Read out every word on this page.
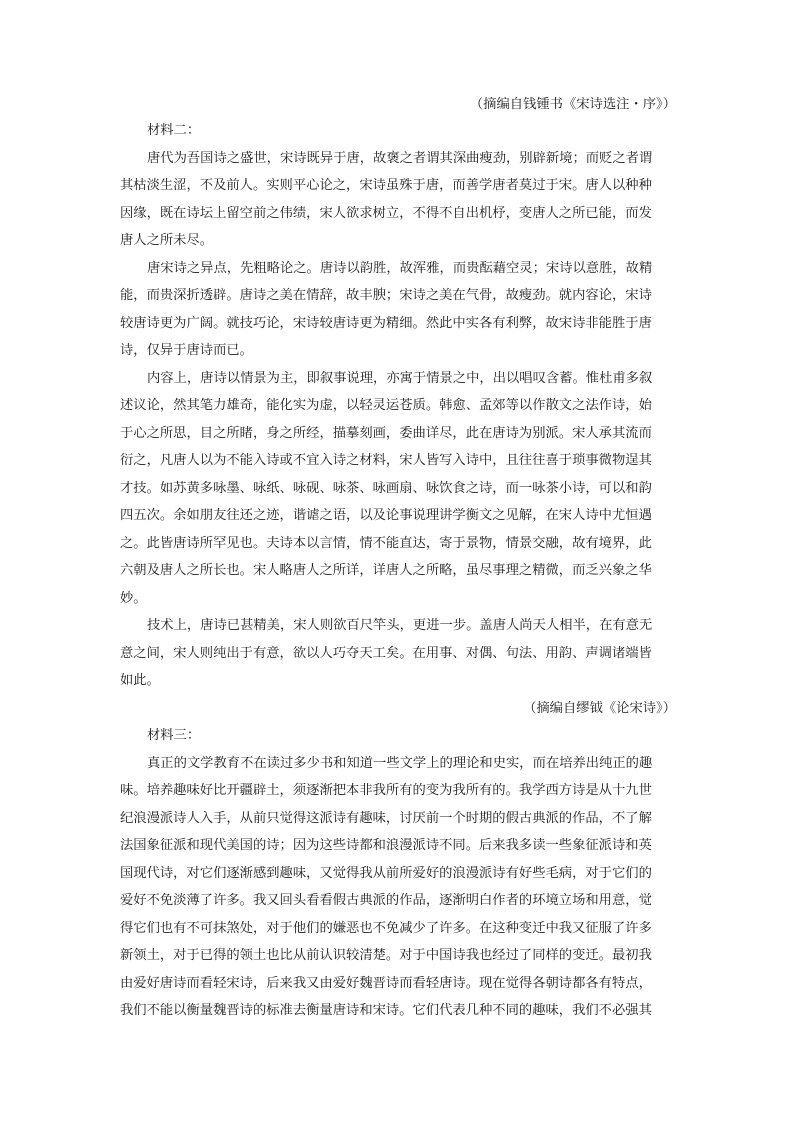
（摘编自钱锺书《宋诗选注・序》）
材料二：
唐代为吾国诗之盛世，宋诗既异于唐，故褒之者谓其深曲瘦劲，别辟新境；而贬之者谓
其枯淡生涩，不及前人。实则平心论之，宋诗虽殊于唐，而善学唐者莫过于宋。唐人以种种
因缘，既在诗坛上留空前之伟绩，宋人欲求树立，不得不自出机杼，变唐人之所已能，而发
唐人之所未尽。
唐宋诗之异点，先粗略论之。唐诗以韵胜，故浑雅，而贵酝藉空灵；宋诗以意胜，故精
能，而贵深折透辟。唐诗之美在情辞，故丰腴；宋诗之美在气骨，故瘦劲。就内容论，宋诗
较唐诗更为广阔。就技巧论，宋诗较唐诗更为精细。然此中实各有利弊，故宋诗非能胜于唐
诗，仅异于唐诗而已。
内容上，唐诗以情景为主，即叙事说理，亦寓于情景之中，出以唱叹含蓄。惟杜甫多叙
述议论，然其笔力雄奇，能化实为虚，以轻灵运苍质。韩愈、孟郊等以作散文之法作诗，始
于心之所思，目之所睹，身之所经，描摹刻画，委曲详尽，此在唐诗为别派。宋人承其流而
衍之，凡唐人以为不能入诗或不宜入诗之材料，宋人皆写入诗中，且往往喜于琐事微物逞其
才技。如苏黄多咏墨、咏纸、咏砚、咏茶、咏画扇、咏饮食之诗，而一咏茶小诗，可以和韵
四五次。余如朋友往还之迹，谐谑之语，以及论事说理讲学衡文之见解，在宋人诗中尤恒遇
之。此皆唐诗所罕见也。夫诗本以言情，情不能直达，寄于景物，情景交融，故有境界，此
六朝及唐人之所长也。宋人略唐人之所详，详唐人之所略，虽尽事理之精微，而乏兴象之华
妙。
技术上，唐诗已甚精美，宋人则欲百尺竿头，更进一步。盖唐人尚天人相半，在有意无
意之间，宋人则纯出于有意，欲以人巧夺天工矣。在用事、对偶、句法、用韵、声调诸端皆
如此。
（摘编自缪钺《论宋诗》）
材料三：
真正的文学教育不在读过多少书和知道一些文学上的理论和史实，而在培养出纯正的趣
味。培养趣味好比开疆辟土，须逐渐把本非我所有的变为我所有的。我学西方诗是从十九世
纪浪漫派诗人入手，从前只觉得这派诗有趣味，讨厌前一个时期的假古典派的作品，不了解
法国象征派和现代美国的诗；因为这些诗都和浪漫派诗不同。后来我多读一些象征派诗和英
国现代诗，对它们逐渐感到趣味，又觉得我从前所爱好的浪漫派诗有好些毛病，对于它们的
爱好不免淡薄了许多。我又回头看看假古典派的作品，逐渐明白作者的环境立场和用意，觉
得它们也有不可抹煞处，对于他们的嫌恶也不免减少了许多。在这种变迁中我又征服了许多
新领土，对于已得的领土也比从前认识较清楚。对于中国诗我也经过了同样的变迁。最初我
由爱好唐诗而看轻宋诗，后来我又由爱好魏晋诗而看轻唐诗。现在觉得各朝诗都各有特点，
我们不能以衡量魏晋诗的标准去衡量唐诗和宋诗。它们代表几种不同的趣味，我们不必强其
